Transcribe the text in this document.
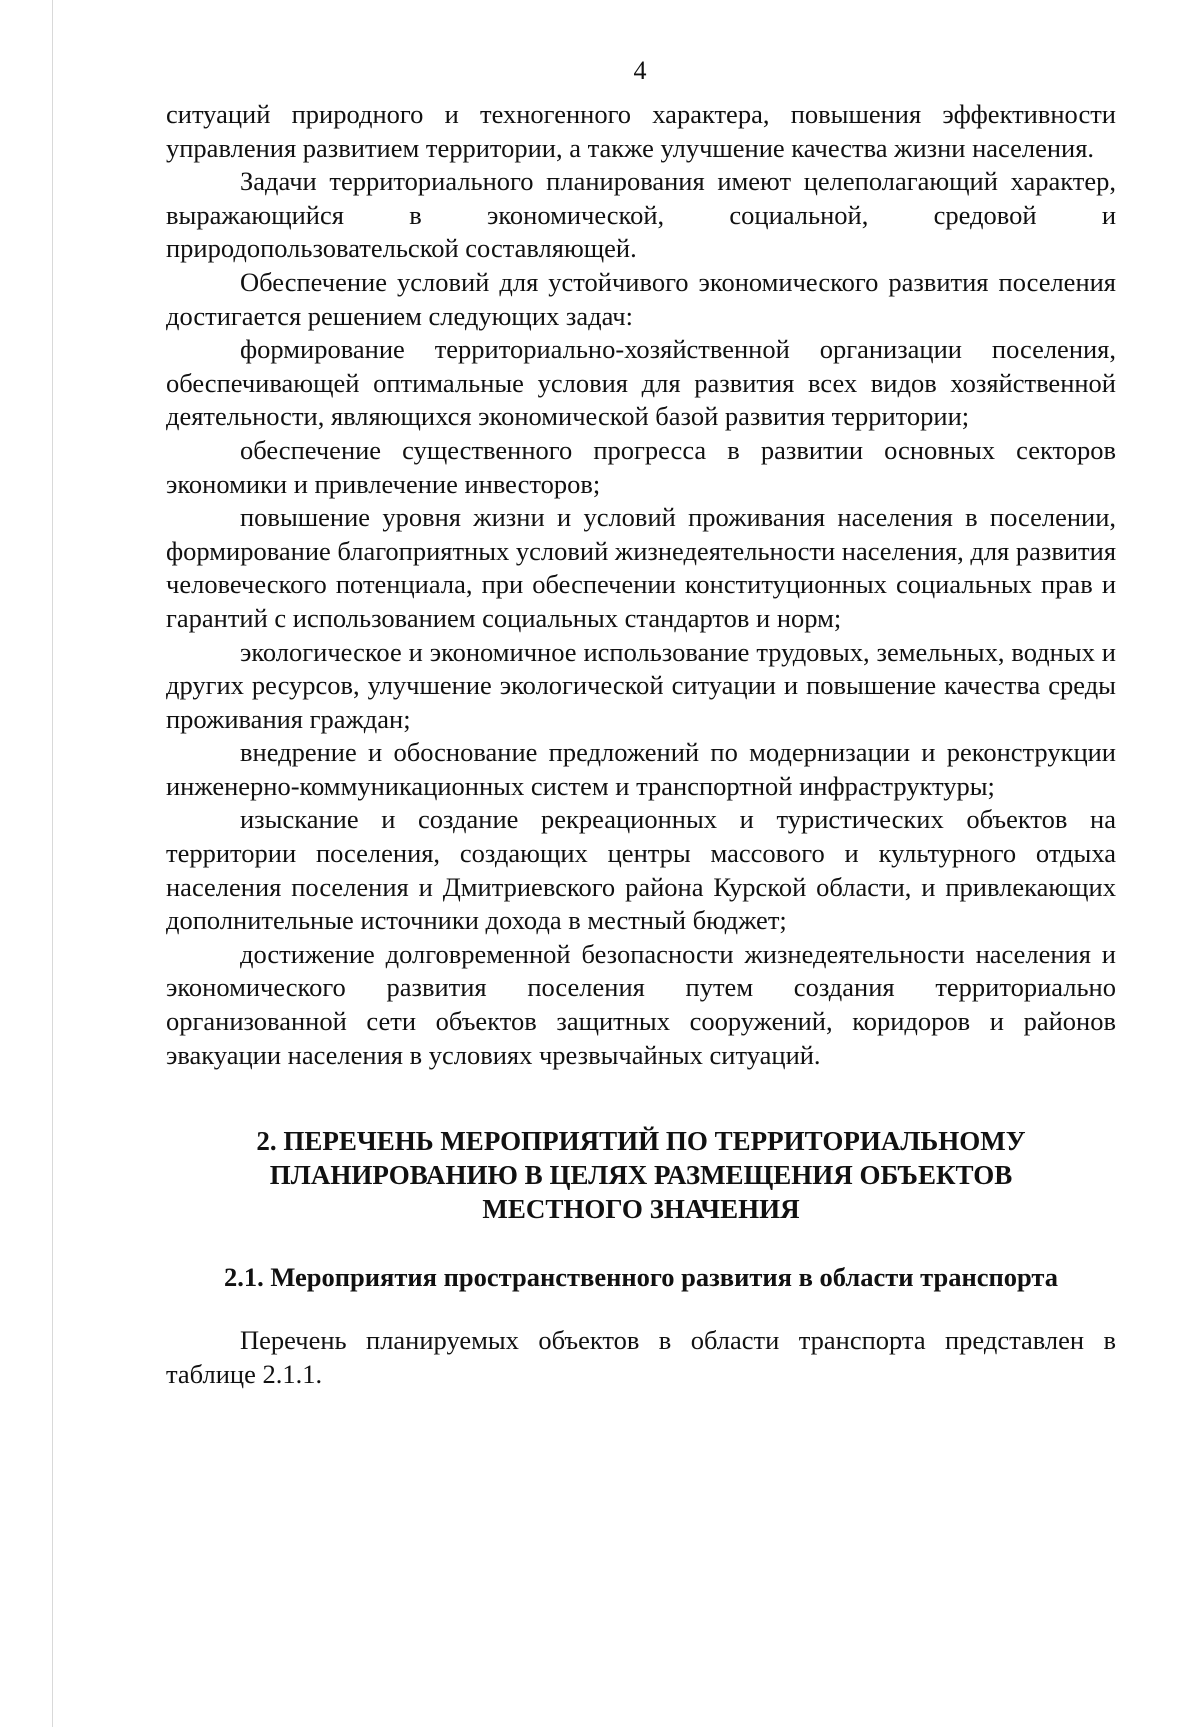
4

ситуаций природного и техногенного характера, повышения эффективности управления развитием территории, а также улучшение качества жизни населения.

Задачи территориального планирования имеют целеполагающий характер, выражающийся в экономической, социальной, средовой и природопользовательской составляющей.

Обеспечение условий для устойчивого экономического развития поселения достигается решением следующих задач:

формирование территориально-хозяйственной организации поселения, обеспечивающей оптимальные условия для развития всех видов хозяйственной деятельности, являющихся экономической базой развития территории;

обеспечение существенного прогресса в развитии основных секторов экономики и привлечение инвесторов;

повышение уровня жизни и условий проживания населения в поселении, формирование благоприятных условий жизнедеятельности населения, для развития человеческого потенциала, при обеспечении конституционных социальных прав и гарантий с использованием социальных стандартов и норм;

экологическое и экономичное использование трудовых, земельных, водных и других ресурсов, улучшение экологической ситуации и повышение качества среды проживания граждан;

внедрение и обоснование предложений по модернизации и реконструкции инженерно-коммуникационных систем и транспортной инфраструктуры;

изыскание и создание рекреационных и туристических объектов на территории поселения, создающих центры массового и культурного отдыха населения поселения и Дмитриевского района Курской области, и привлекающих дополнительные источники дохода в местный бюджет;

достижение долговременной безопасности жизнедеятельности населения и экономического развития поселения путем создания территориально организованной сети объектов защитных сооружений, коридоров и районов эвакуации населения в условиях чрезвычайных ситуаций.

2. ПЕРЕЧЕНЬ МЕРОПРИЯТИЙ ПО ТЕРРИТОРИАЛЬНОМУ
ПЛАНИРОВАНИЮ В ЦЕЛЯХ РАЗМЕЩЕНИЯ ОБЪЕКТОВ
МЕСТНОГО ЗНАЧЕНИЯ
2.1. Мероприятия пространственного развития в области транспорта

Перечень планируемых объектов в области транспорта представлен в таблице 2.1.1.
